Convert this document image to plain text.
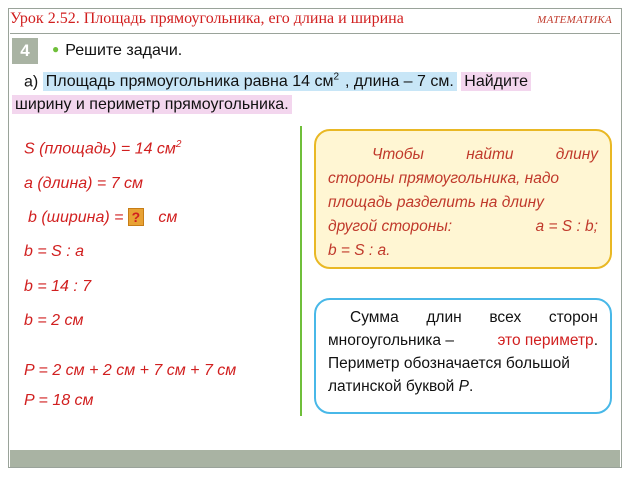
Урок 2.52. Площадь прямоугольника, его длина и ширина	МАТЕМАТИКА
4	● Решите задачи.
а) Площадь прямоугольника равна 14 $см^2$ , длина – 7 см. Найдите
ширину и периметр прямоугольника.
S (площадь) = 14 $см^2$
a (длина) = 7 см
b (ширина) = ? см
b = S : a
b = 14 : 7
b = 2 см
P = 2 см + 2 см + 7 см + 7 см
P = 18 см
Чтобы	найти	длину
стороны прямоугольника, надо
площадь разделить на длину
другой стороны:	a = S : b;
b = S : a.
Сумма длин всех сторон
многоугольника –	это периметр.
Периметр обозначается большой
латинской буквой P.
